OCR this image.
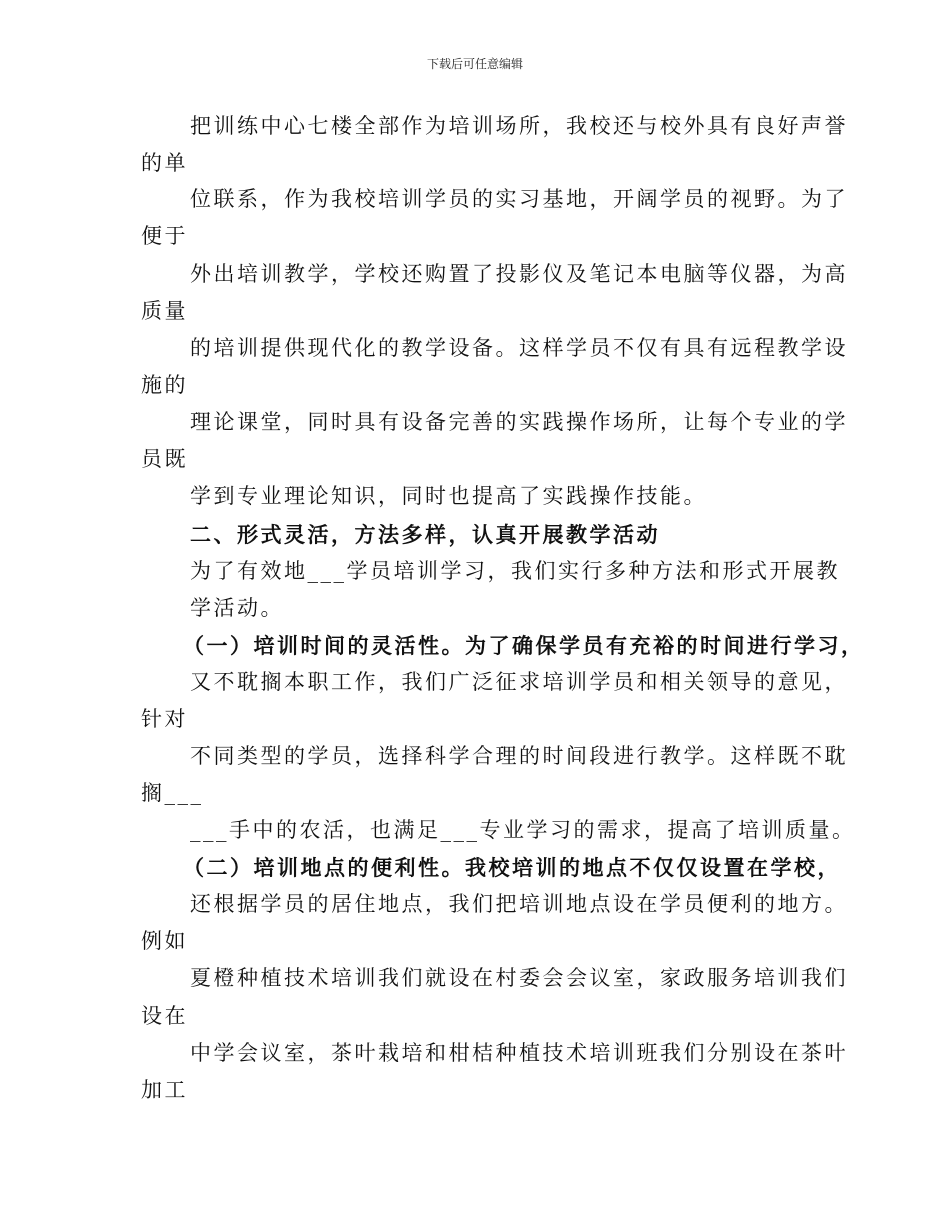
下载后可任意编辑
把训练中心七楼全部作为培训场所，我校还与校外具有良好声誉
的单
位联系，作为我校培训学员的实习基地，开阔学员的视野。为了
便于
外出培训教学，学校还购置了投影仪及笔记本电脑等仪器，为高
质量
的培训提供现代化的教学设备。这样学员不仅有具有远程教学设
施的
理论课堂，同时具有设备完善的实践操作场所，让每个专业的学
员既
学到专业理论知识，同时也提高了实践操作技能。
二、形式灵活，方法多样，认真开展教学活动
为了有效地___学员培训学习，我们实行多种方法和形式开展教
学活动。
（一）培训时间的灵活性。为了确保学员有充裕的时间进行学习，
又不耽搁本职工作，我们广泛征求培训学员和相关领导的意见，
针对
不同类型的学员，选择科学合理的时间段进行教学。这样既不耽
搁___
___手中的农活，也满足___专业学习的需求，提高了培训质量。
（二）培训地点的便利性。我校培训的地点不仅仅设置在学校，
还根据学员的居住地点，我们把培训地点设在学员便利的地方。
例如
夏橙种植技术培训我们就设在村委会会议室，家政服务培训我们
设在
中学会议室，茶叶栽培和柑桔种植技术培训班我们分别设在茶叶
加工
